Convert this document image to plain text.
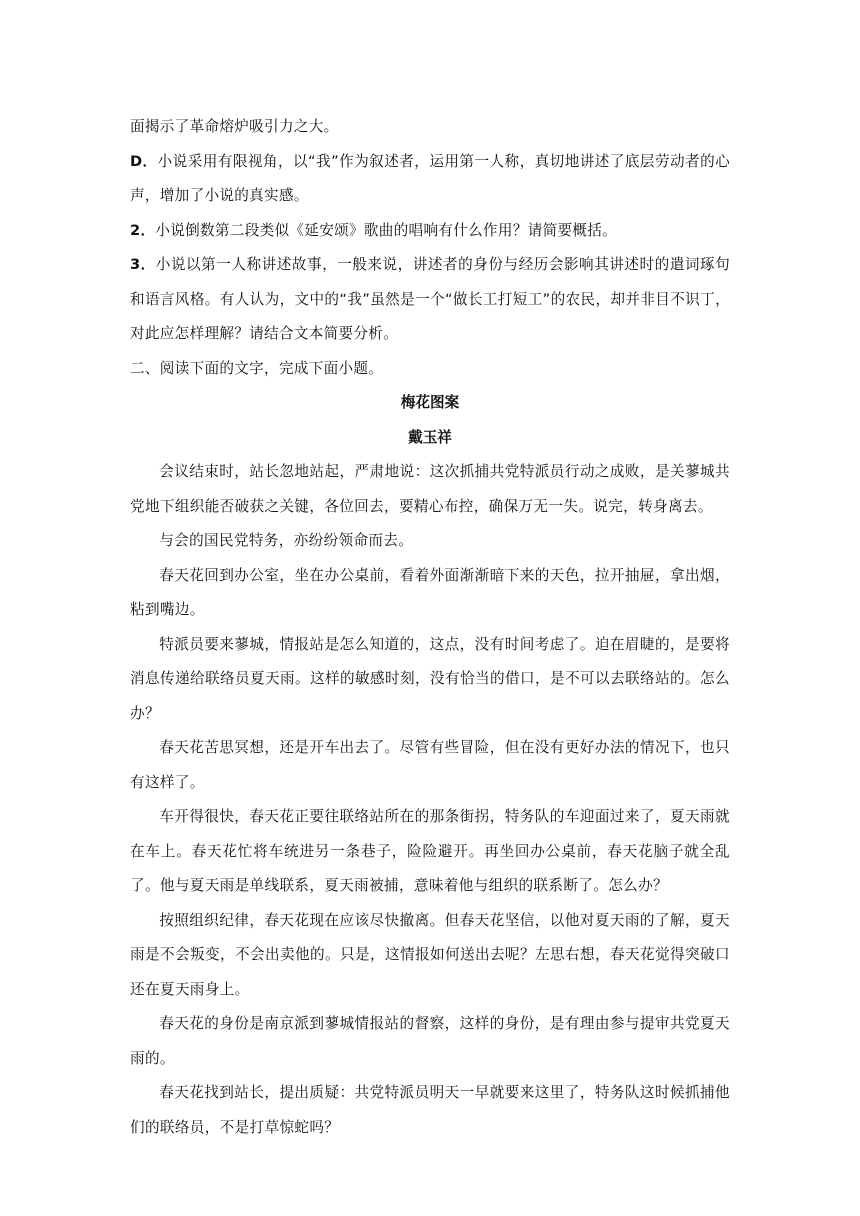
面揭示了革命熔炉吸引力之大。

D．小说采用有限视角，以“我”作为叙述者，运用第一人称，真切地讲述了底层劳动者的心声，增加了小说的真实感。

2．小说倒数第二段类似《延安颂》歌曲的唱响有什么作用？请简要概括。

3．小说以第一人称讲述故事，一般来说，讲述者的身份与经历会影响其讲述时的遣词琢句和语言风格。有人认为，文中的“我”虽然是一个“做长工打短工”的农民，却并非目不识丁，对此应怎样理解？请结合文本简要分析。

二、阅读下面的文字，完成下面小题。

梅花图案

戴玉祥

会议结束时，站长忽地站起，严肃地说：这次抓捕共党特派员行动之成败，是关蓼城共党地下组织能否破获之关键，各位回去，要精心布控，确保万无一失。说完，转身离去。

与会的国民党特务，亦纷纷领命而去。

春天花回到办公室，坐在办公桌前，看着外面渐渐暗下来的天色，拉开抽屉，拿出烟，粘到嘴边。

特派员要来蓼城，情报站是怎么知道的，这点，没有时间考虑了。迫在眉睫的，是要将消息传递给联络员夏天雨。这样的敏感时刻，没有恰当的借口，是不可以去联络站的。怎么办？

春天花苦思冥想，还是开车出去了。尽管有些冒险，但在没有更好办法的情况下，也只有这样了。

车开得很快，春天花正要往联络站所在的那条街拐，特务队的车迎面过来了，夏天雨就在车上。春天花忙将车统进另一条巷子，险险避开。再坐回办公桌前，春天花脑子就全乱了。他与夏天雨是单线联系，夏天雨被捕，意味着他与组织的联系断了。怎么办？

按照组织纪律，春天花现在应该尽快撤离。但春天花坚信，以他对夏天雨的了解，夏天雨是不会叛变，不会出卖他的。只是，这情报如何送出去呢？左思右想，春天花觉得突破口还在夏天雨身上。

春天花的身份是南京派到蓼城情报站的督察，这样的身份，是有理由参与提审共党夏天雨的。

春天花找到站长，提出质疑：共党特派员明天一早就要来这里了，特务队这时候抓捕他们的联络员，不是打草惊蛇吗？
